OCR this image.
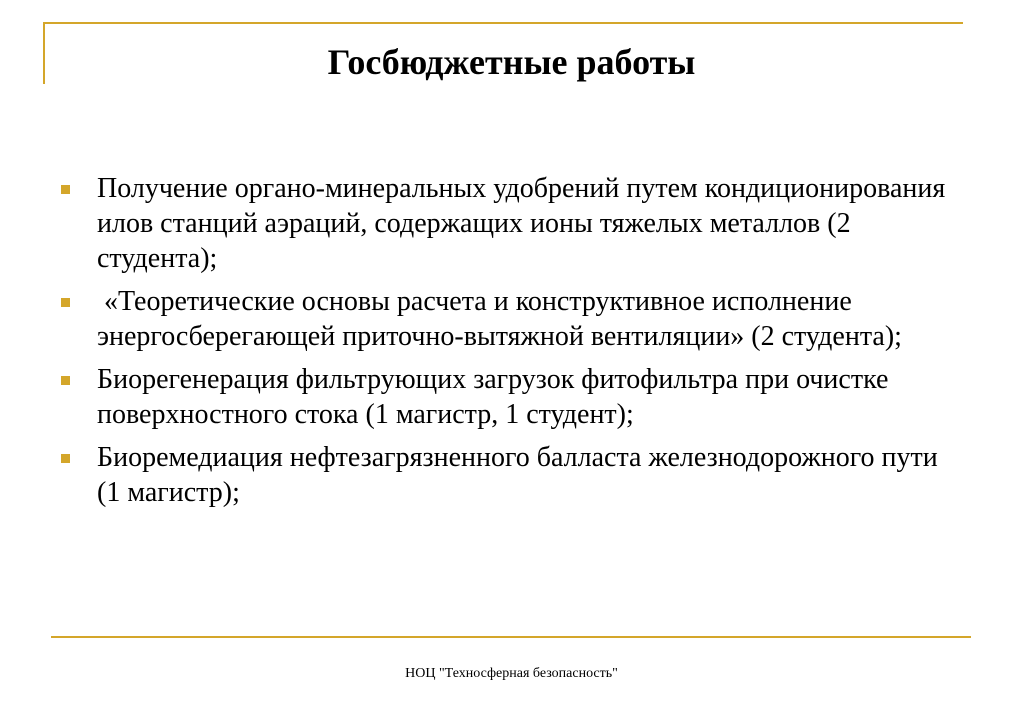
Госбюджетные работы
Получение органо-минеральных удобрений путем кондиционирования илов станций аэраций, содержащих ионы тяжелых металлов (2 студента);
«Теоретические основы расчета и конструктивное исполнение энергосберегающей приточно-вытяжной вентиляции» (2 студента);
Биорегенерация фильтрующих загрузок фитофильтра при очистке поверхностного стока (1 магистр, 1 студент);
Биоремедиация нефтезагрязненного балласта железнодорожного пути (1 магистр);
НОЦ "Техносферная безопасность"
